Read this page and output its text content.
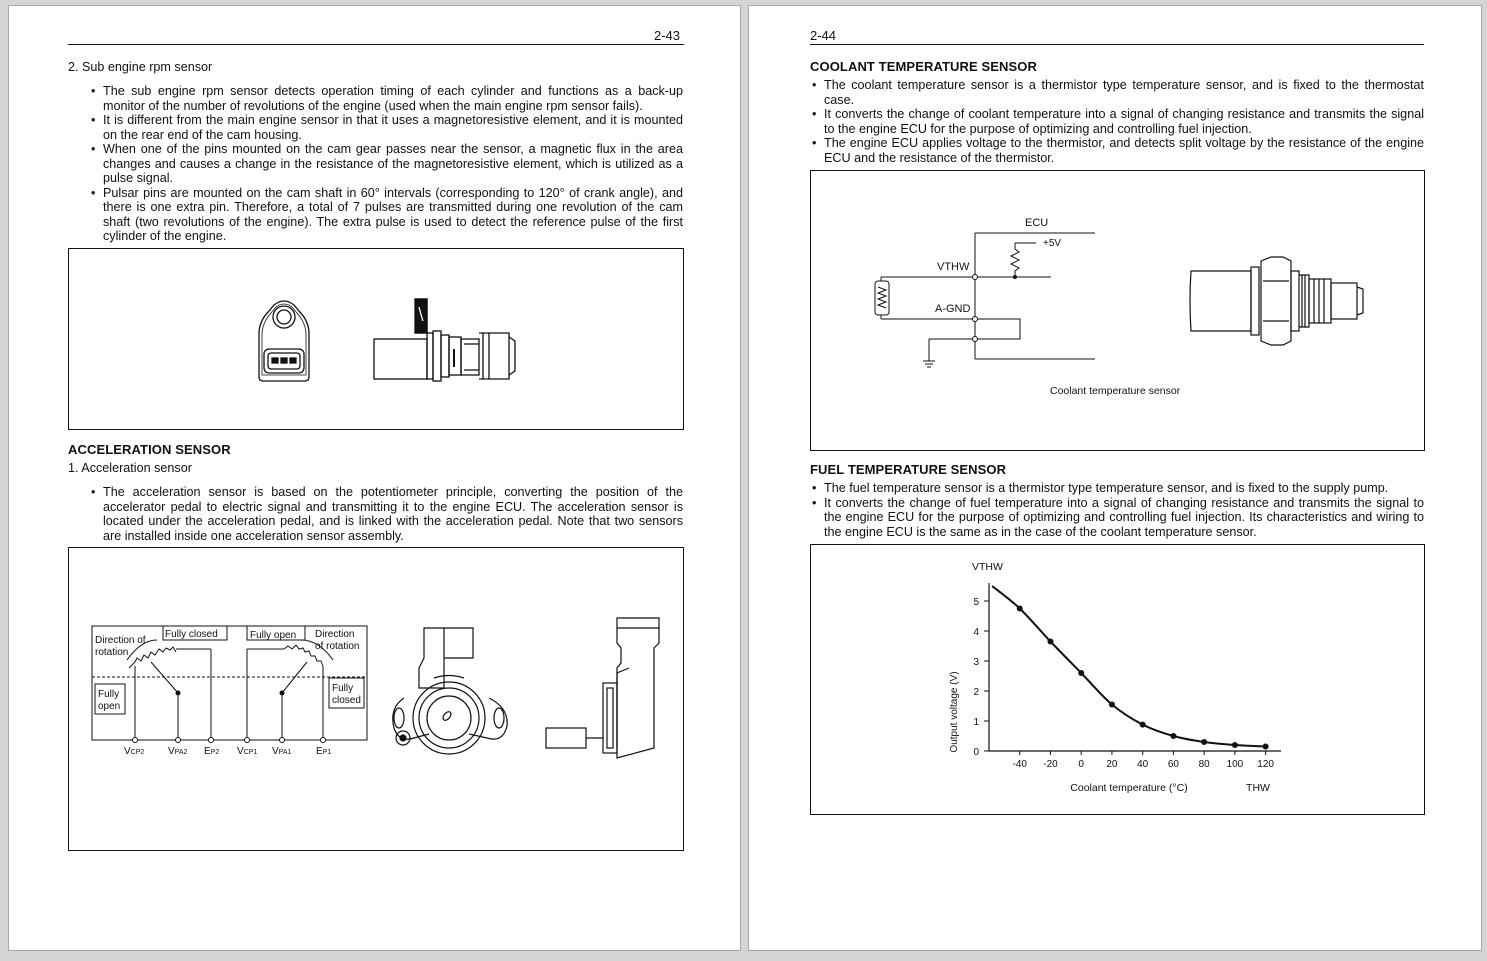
2-43
2. Sub engine rpm sensor
• The sub engine rpm sensor detects operation timing of each cylinder and functions as a back-up monitor of the number of revolutions of the engine (used when the main engine rpm sensor fails).
• It is different from the main engine sensor in that it uses a magnetoresistive element, and it is mounted on the rear end of the cam housing.
• When one of the pins mounted on the cam gear passes near the sensor, a magnetic flux in the area changes and causes a change in the resistance of the magnetoresistive element, which is utilized as a pulse signal.
• Pulsar pins are mounted on the cam shaft in 60° intervals (corresponding to 120° of crank angle), and there is one extra pin. Therefore, a total of 7 pulses are transmitted during one revolution of the cam shaft (two revolutions of the engine). The extra pulse is used to detect the reference pulse of the first cylinder of the engine.
ACCELERATION SENSOR
1. Acceleration sensor
• The acceleration sensor is based on the potentiometer principle, converting the position of the accelerator pedal to electric signal and transmitting it to the engine ECU. The acceleration sensor is located under the acceleration pedal, and is linked with the acceleration pedal. Note that two sensors are installed inside one acceleration sensor assembly.
Direction of
rotation
Fully closed	Fully open Direction
of rotation
Fully
open
Fully
closed
VCP2 VPA2 EP2 VCP1 VPA1 EP1
2-44
COOLANT TEMPERATURE SENSOR
• The coolant temperature sensor is a thermistor type temperature sensor, and is fixed to the thermostat case.
• It converts the change of coolant temperature into a signal of changing resistance and transmits the signal to the engine ECU for the purpose of optimizing and controlling fuel injection.
• The engine ECU applies voltage to the thermistor, and detects split voltage by the resistance of the engine ECU and the resistance of the thermistor.
ECU
+5V
VTHW
A-GND
Coolant temperature sensor
FUEL TEMPERATURE SENSOR
• The fuel temperature sensor is a thermistor type temperature sensor, and is fixed to the supply pump.
• It converts the change of fuel temperature into a signal of changing resistance and transmits the signal to the engine ECU for the purpose of optimizing and controlling fuel injection. Its characteristics and wiring to the engine ECU is the same as in the case of the coolant temperature sensor.
VTHW
Output voltage (V)
Coolant temperature (°C)	THW
0
1
2
3
4
5
-40 -20 0 20 40 60 80 100 120
